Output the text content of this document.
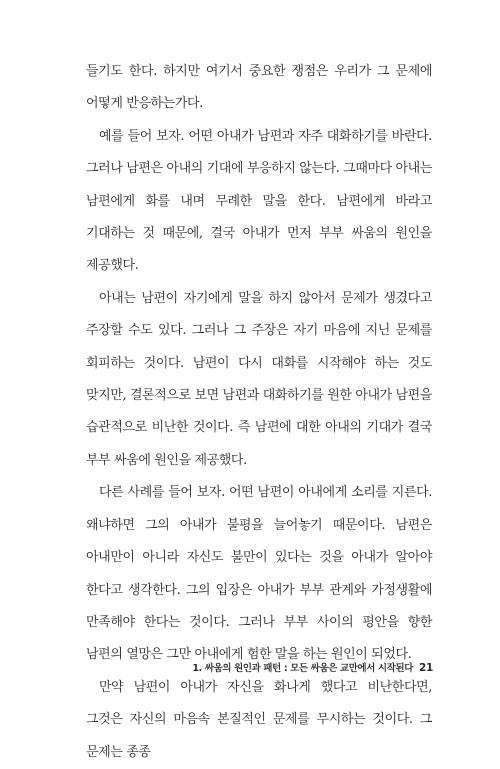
들기도 한다. 하지만 여기서 중요한 쟁점은 우리가 그 문제에 어떻게 반응하는가다.

예를 들어 보자. 어떤 아내가 남편과 자주 대화하기를 바란다. 그러나 남편은 아내의 기대에 부응하지 않는다. 그때마다 아내는 남편에게 화를 내며 무례한 말을 한다. 남편에게 바라고 기대하는 것 때문에, 결국 아내가 먼저 부부 싸움의 원인을 제공했다.

아내는 남편이 자기에게 말을 하지 않아서 문제가 생겼다고 주장할 수도 있다. 그러나 그 주장은 자기 마음에 지닌 문제를 회피하는 것이다. 남편이 다시 대화를 시작해야 하는 것도 맞지만, 결론적으로 보면 남편과 대화하기를 원한 아내가 남편을 습관적으로 비난한 것이다. 즉 남편에 대한 아내의 기대가 결국 부부 싸움에 원인을 제공했다.

다른 사례를 들어 보자. 어떤 남편이 아내에게 소리를 지른다. 왜냐하면 그의 아내가 불평을 늘어놓기 때문이다. 남편은 아내만이 아니라 자신도 불만이 있다는 것을 아내가 알아야 한다고 생각한다. 그의 입장은 아내가 부부 관계와 가정생활에 만족해야 한다는 것이다. 그러나 부부 사이의 평안을 향한 남편의 열망은 그만 아내에게 험한 말을 하는 원인이 되었다.

만약 남편이 아내가 자신을 화나게 했다고 비난한다면, 그것은 자신의 마음속 본질적인 문제를 무시하는 것이다. 그 문제는 종종

1. 싸움의 원인과 패턴 : 모든 싸움은 교만에서 시작된다 21
